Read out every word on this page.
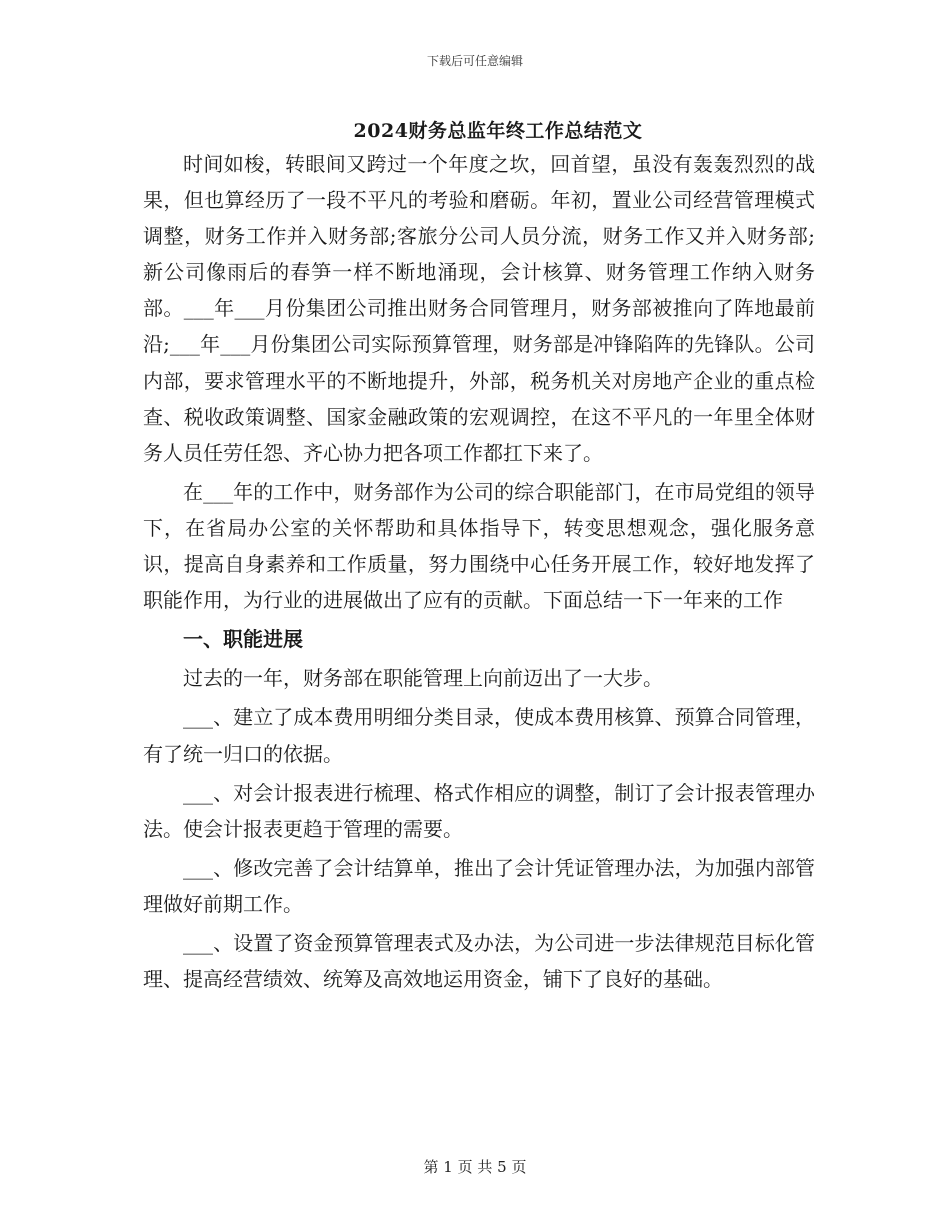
下载后可任意编辑
2024财务总监年终工作总结范文

时间如梭，转眼间又跨过一个年度之坎，回首望，虽没有轰轰烈烈的战果，但也算经历了一段不平凡的考验和磨砺。年初，置业公司经营管理模式调整，财务工作并入财务部;客旅分公司人员分流，财务工作又并入财务部;新公司像雨后的春笋一样不断地涌现，会计核算、财务管理工作纳入财务部。___年___月份集团公司推出财务合同管理月，财务部被推向了阵地最前沿;___年___月份集团公司实际预算管理，财务部是冲锋陷阵的先锋队。公司内部，要求管理水平的不断地提升，外部，税务机关对房地产企业的重点检查、税收政策调整、国家金融政策的宏观调控，在这不平凡的一年里全体财务人员任劳任怨、齐心协力把各项工作都扛下来了。

在___年的工作中，财务部作为公司的综合职能部门，在市局党组的领导下，在省局办公室的关怀帮助和具体指导下，转变思想观念，强化服务意识，提高自身素养和工作质量，努力围绕中心任务开展工作，较好地发挥了职能作用，为行业的进展做出了应有的贡献。下面总结一下一年来的工作

一、职能进展

过去的一年，财务部在职能管理上向前迈出了一大步。

___、建立了成本费用明细分类目录，使成本费用核算、预算合同管理，有了统一归口的依据。

___、对会计报表进行梳理、格式作相应的调整，制订了会计报表管理办法。使会计报表更趋于管理的需要。

___、修改完善了会计结算单，推出了会计凭证管理办法，为加强内部管理做好前期工作。

___、设置了资金预算管理表式及办法，为公司进一步法律规范目标化管理、提高经营绩效、统筹及高效地运用资金，铺下了良好的基础。

第 1 页 共 5 页
